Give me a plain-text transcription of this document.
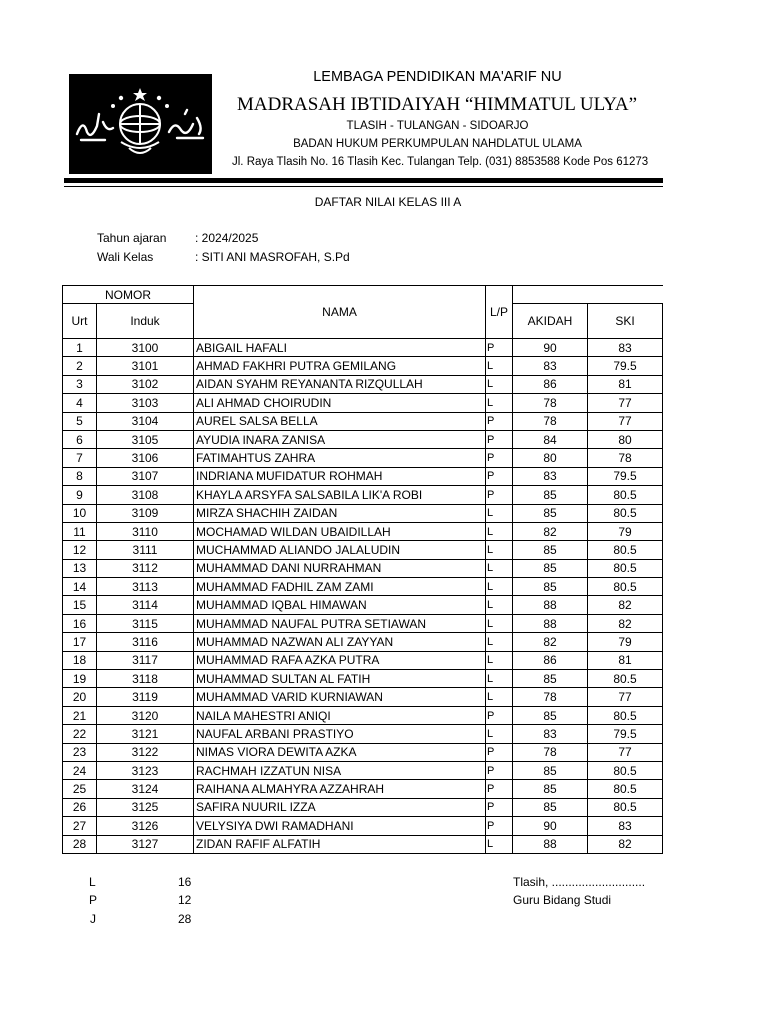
LEMBAGA PENDIDIKAN MA'ARIF NU
MADRASAH IBTIDAIYAH “HIMMATUL ULYA”
TLASIH - TULANGAN - SIDOARJO
BADAN HUKUM PERKUMPULAN NAHDLATUL ULAMA
Jl. Raya Tlasih No. 16 Tlasih Kec. Tulangan Telp. (031) 8853588 Kode Pos 61273
DAFTAR NILAI KELAS III A
Tahun ajaran : 2024/2025
Wali Kelas	: SITI ANI MASROFAH, S.Pd
NOMOR		NAMA	L/P		
Urt	Induk			AKIDAH	SKI

1	3100	ABIGAIL HAFALI	P	90	83
2	3101	AHMAD FAKHRI PUTRA GEMILANG	L	83	79.5
3	3102	AIDAN SYAHM REYANANTA RIZQULLAH	L	86	81
4	3103	ALI AHMAD CHOIRUDIN	L	78	77
5	3104	AUREL SALSA BELLA	P	78	77
6	3105	AYUDIA INARA ZANISA	P	84	80
7	3106	FATIMAHTUS ZAHRA	P	80	78
8	3107	INDRIANA MUFIDATUR ROHMAH	P	83	79.5
9	3108	KHAYLA ARSYFA SALSABILA LIK'A ROBI	P	85	80.5
10	3109	MIRZA SHACHIH ZAIDAN	L	85	80.5
11	3110	MOCHAMAD WILDAN UBAIDILLAH	L	82	79
12	3111	MUCHAMMAD ALIANDO JALALUDIN	L	85	80.5
13	3112	MUHAMMAD DANI NURRAHMAN	L	85	80.5
14	3113	MUHAMMAD FADHIL ZAM ZAMI	L	85	80.5
15	3114	MUHAMMAD IQBAL HIMAWAN	L	88	82
16	3115	MUHAMMAD NAUFAL PUTRA SETIAWAN	L	88	82
17	3116	MUHAMMAD NAZWAN ALI ZAYYAN	L	82	79
18	3117	MUHAMMAD RAFA AZKA PUTRA	L	86	81
19	3118	MUHAMMAD SULTAN AL FATIH	L	85	80.5
20	3119	MUHAMMAD VARID KURNIAWAN	L	78	77
21	3120	NAILA MAHESTRI ANIQI	P	85	80.5
22	3121	NAUFAL ARBANI PRASTIYO	L	83	79.5
23	3122	NIMAS VIORA DEWITA AZKA	P	78	77
24	3123	RACHMAH IZZATUN NISA	P	85	80.5
25	3124	RAIHANA ALMAHYRA AZZAHRAH	P	85	80.5
26	3125	SAFIRA NUURIL IZZA	P	85	80.5
27	3126	VELYSIYA DWI RAMADHANI	P	90	83
28	3127	ZIDAN RAFIF ALFATIH	L	88	82
L	16
P	12
J	28
Tlasih, ............................
Guru Bidang Studi
